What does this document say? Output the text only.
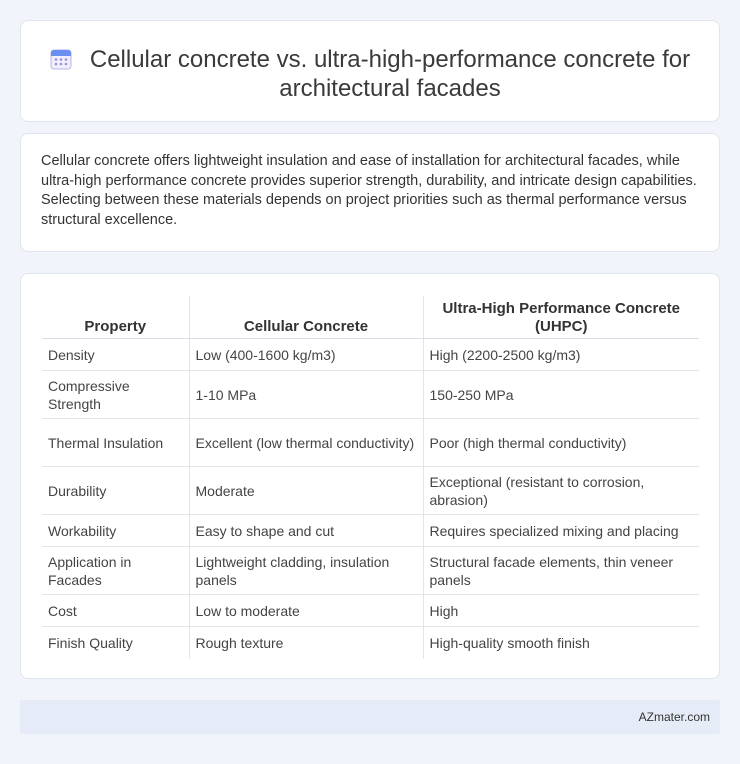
Cellular concrete vs. ultra-high-performance concrete for architectural facades

Cellular concrete offers lightweight insulation and ease of installation for architectural facades, while ultra-high performance concrete provides superior strength, durability, and intricate design capabilities. Selecting between these materials depends on project priorities such as thermal performance versus structural excellence.

Property	Cellular Concrete	Ultra-High Performance Concrete (UHPC)
Density	Low (400-1600 kg/m3)	High (2200-2500 kg/m3)
Compressive Strength	1-10 MPa	150-250 MPa
Thermal Insulation	Excellent (low thermal conductivity)	Poor (high thermal conductivity)
Durability	Moderate	Exceptional (resistant to corrosion, abrasion)
Workability	Easy to shape and cut	Requires specialized mixing and placing
Application in Facades	Lightweight cladding, insulation panels	Structural facade elements, thin veneer panels
Cost	Low to moderate	High
Finish Quality	Rough texture	High-quality smooth finish
AZmater.com
